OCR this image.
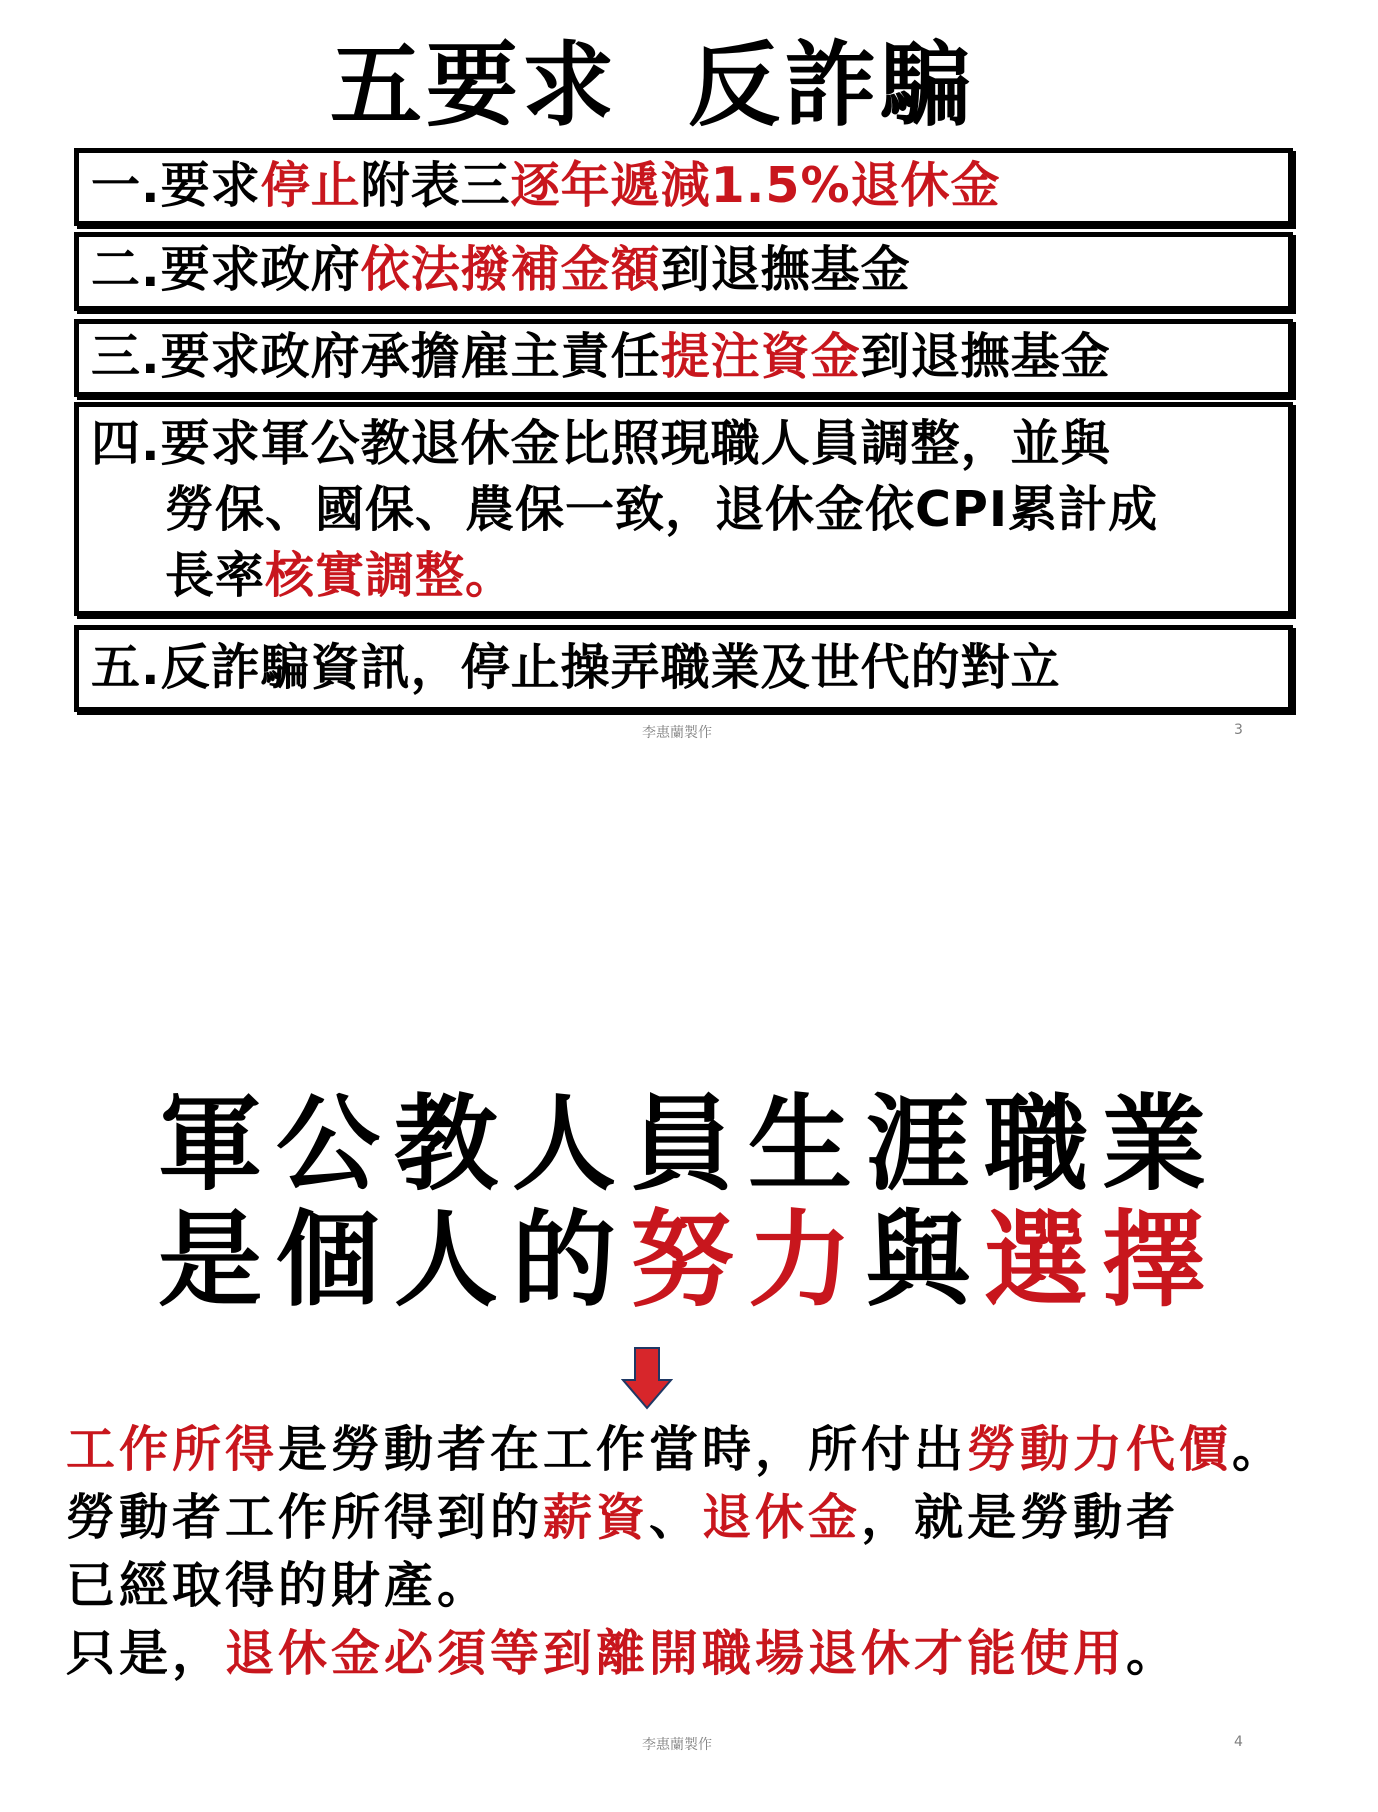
五要求 反詐騙
一.要求停止附表三逐年遞減1.5%退休金
二.要求政府依法撥補金額到退撫基金
三.要求政府承擔雇主責任提注資金到退撫基金
四.要求軍公教退休金比照現職人員調整，並與
勞保、國保、農保一致，退休金依CPI累計成
長率核實調整。
五.反詐騙資訊，停止操弄職業及世代的對立
李惠蘭製作	3
軍公教人員生涯職業
是個人的努力與選擇
工作所得是勞動者在工作當時，所付出勞動力代價。
勞動者工作所得到的薪資、退休金，就是勞動者
已經取得的財產。
只是，退休金必須等到離開職場退休才能使用。
李惠蘭製作	4
